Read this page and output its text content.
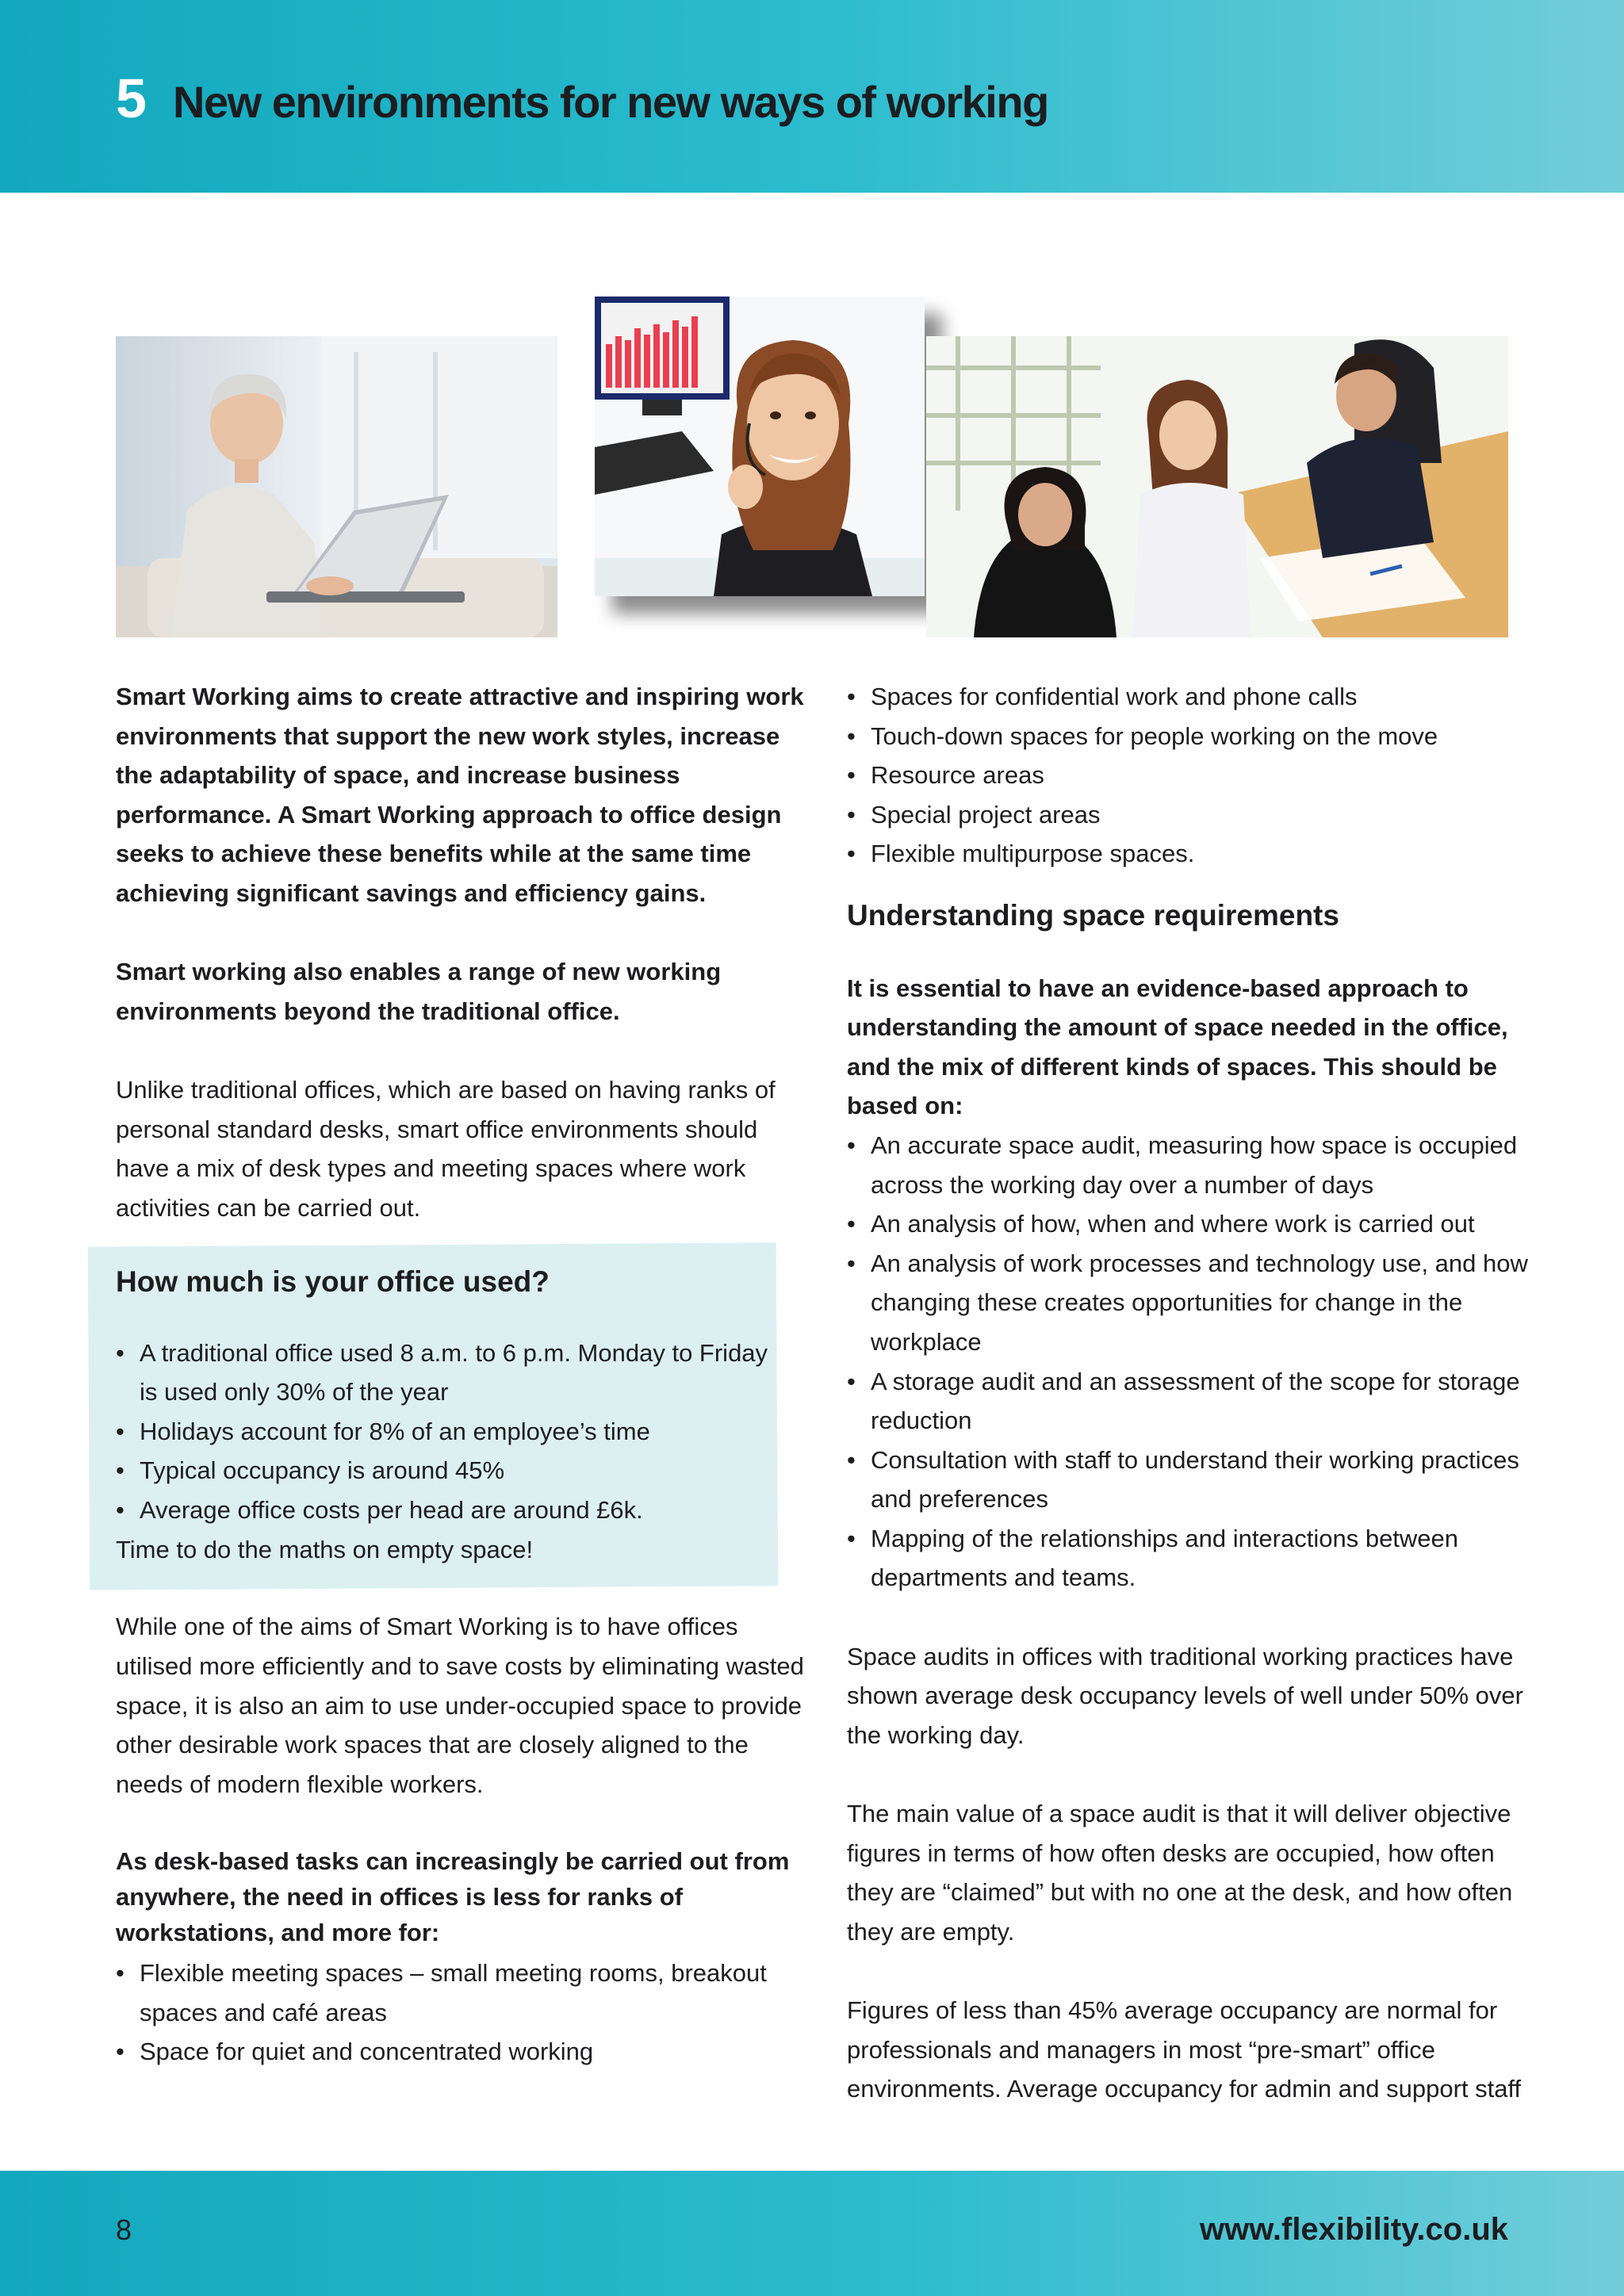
5 New environments for new ways of working

Smart Working aims to create attractive and inspiring work environments that support the new work styles, increase the adaptability of space, and increase business performance. A Smart Working approach to office design seeks to achieve these benefits while at the same time achieving significant savings and efficiency gains.

Smart working also enables a range of new working environments beyond the traditional office.

Unlike traditional offices, which are based on having ranks of personal standard desks, smart office environments should have a mix of desk types and meeting spaces where work activities can be carried out.

How much is your office used?
• A traditional office used 8 a.m. to 6 p.m. Monday to Friday is used only 30% of the year
• Holidays account for 8% of an employee’s time
• Typical occupancy is around 45%
• Average office costs per head are around £6k.

Time to do the maths on empty space!

While one of the aims of Smart Working is to have offices utilised more efficiently and to save costs by eliminating wasted space, it is also an aim to use under-occupied space to provide other desirable work spaces that are closely aligned to the needs of modern flexible workers.

As desk-based tasks can increasingly be carried out from anywhere, the need in offices is less for ranks of workstations, and more for:

• Flexible meeting spaces – small meeting rooms, breakout spaces and café areas
• Space for quiet and concentrated working
• Spaces for confidential work and phone calls
• Touch-down spaces for people working on the move
• Resource areas
• Special project areas
• Flexible multipurpose spaces.
Understanding space requirements

It is essential to have an evidence-based approach to understanding the amount of space needed in the office, and the mix of different kinds of spaces. This should be based on:

• An accurate space audit, measuring how space is occupied across the working day over a number of days
• An analysis of how, when and where work is carried out
• An analysis of work processes and technology use, and how changing these creates opportunities for change in the workplace
• A storage audit and an assessment of the scope for storage reduction
• Consultation with staff to understand their working practices and preferences
• Mapping of the relationships and interactions between departments and teams.

Space audits in offices with traditional working practices have shown average desk occupancy levels of well under 50% over the working day.

The main value of a space audit is that it will deliver objective figures in terms of how often desks are occupied, how often they are “claimed” but with no one at the desk, and how often they are empty.

Figures of less than 45% average occupancy are normal for professionals and managers in most “pre-smart” office environments. Average occupancy for admin and support staff

8	www.flexibility.co.uk
